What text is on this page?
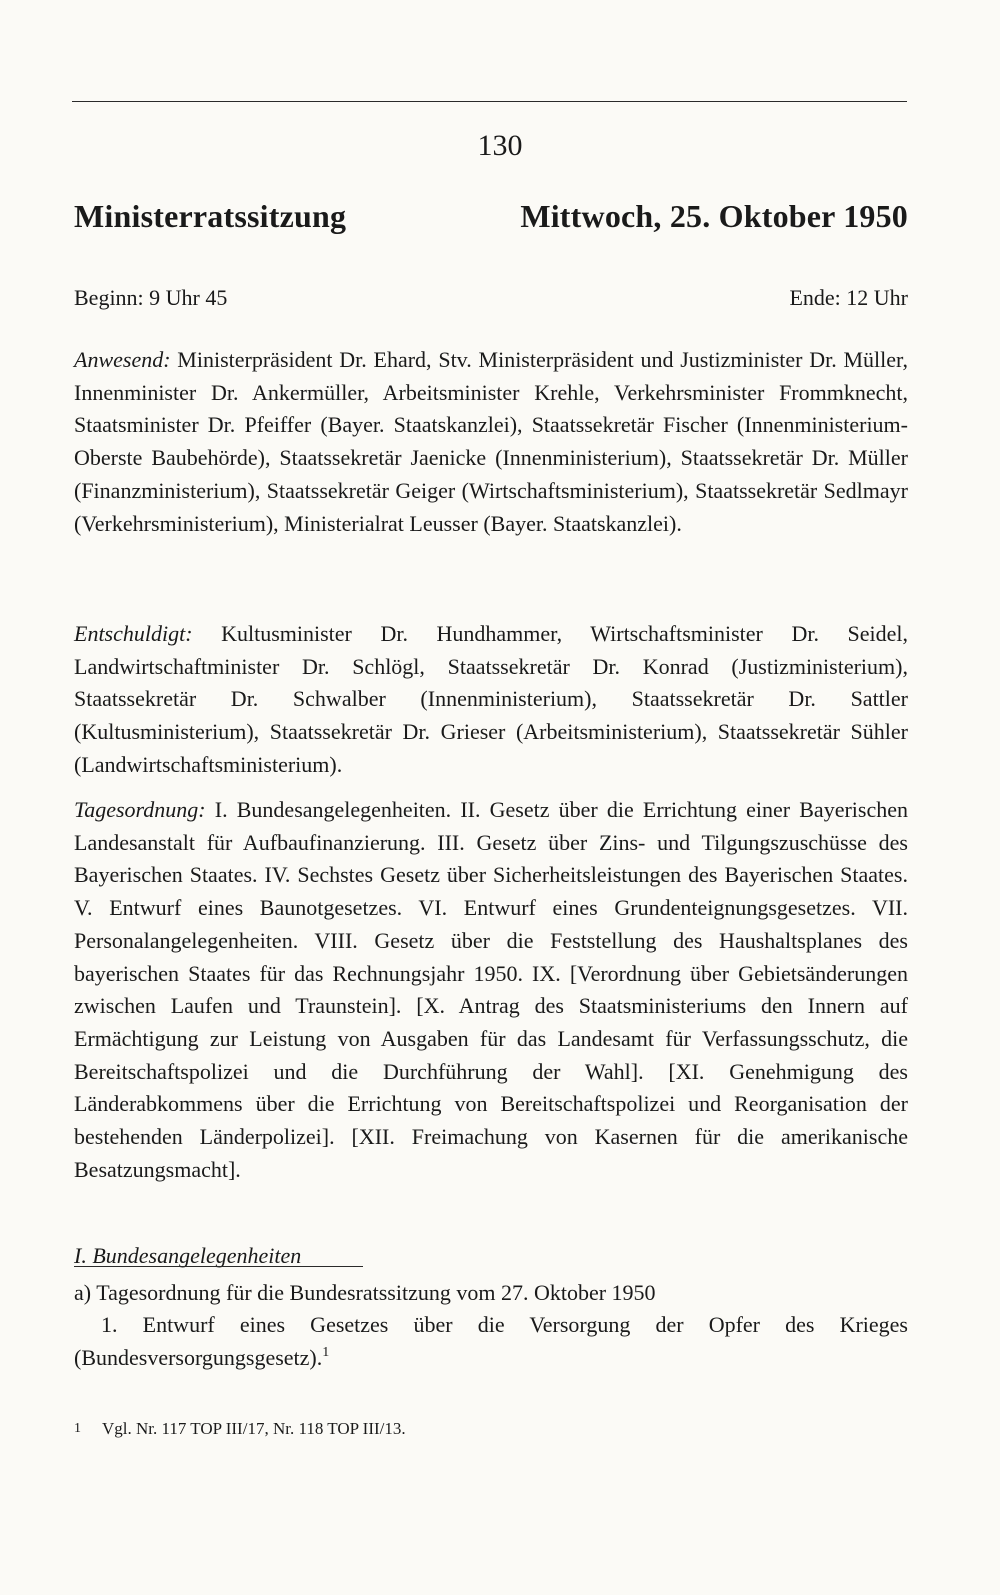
130
Ministerratssitzung	Mittwoch, 25. Oktober 1950
Beginn: 9 Uhr 45	Ende: 12 Uhr

Anwesend: Ministerpräsident Dr. Ehard, Stv. Ministerpräsident und Justizminister Dr. Müller, Innenminister Dr. Ankermüller, Arbeitsminister Krehle, Verkehrsminister Frommknecht, Staatsminister Dr. Pfeiffer (Bayer. Staatskanzlei), Staatssekretär Fischer (Innenministerium-Oberste Baubehörde), Staatssekretär Jaenicke (Innenministerium), Staatssekretär Dr. Müller (Finanzministerium), Staatssekretär Geiger (Wirtschaftsministerium), Staatssekretär Sedlmayr (Verkehrsministerium), Ministerialrat Leusser (Bayer. Staatskanzlei).

Entschuldigt: Kultusminister Dr. Hundhammer, Wirtschaftsminister Dr. Seidel, Landwirtschaftminister Dr. Schlögl, Staatssekretär Dr. Konrad (Justizministerium), Staatssekretär Dr. Schwalber (Innenministerium), Staatssekretär Dr. Sattler (Kultusministerium), Staatssekretär Dr. Grieser (Arbeitsministerium), Staatssekretär Sühler (Landwirtschaftsministerium).

Tagesordnung: I. Bundesangelegenheiten. II. Gesetz über die Errichtung einer Bayerischen Landesanstalt für Aufbaufinanzierung. III. Gesetz über Zins- und Tilgungszuschüsse des Bayerischen Staates. IV. Sechstes Gesetz über Sicherheitsleistungen des Bayerischen Staates. V. Entwurf eines Baunotgesetzes. VI. Entwurf eines Grundenteignungsgesetzes. VII. Personalangelegenheiten. VIII. Gesetz über die Feststellung des Haushaltsplanes des bayerischen Staates für das Rechnungsjahr 1950. IX. [Verordnung über Gebietsänderungen zwischen Laufen und Traunstein]. [X. Antrag des Staatsministeriums den Innern auf Ermächtigung zur Leistung von Ausgaben für das Landesamt für Verfassungsschutz, die Bereitschaftspolizei und die Durchführung der Wahl]. [XI. Genehmigung des Länderabkommens über die Errichtung von Bereitschaftspolizei und Reorganisation der bestehenden Länderpolizei]. [XII. Freimachung von Kasernen für die amerikanische Besatzungsmacht].

I. Bundesangelegenheiten
a) Tagesordnung für die Bundesratssitzung vom 27. Oktober 1950

1. Entwurf eines Gesetzes über die Versorgung der Opfer des Krieges (Bundesversorgungsgesetz).$^1$

1 Vgl. Nr. 117 TOP III/17, Nr. 118 TOP III/13.
